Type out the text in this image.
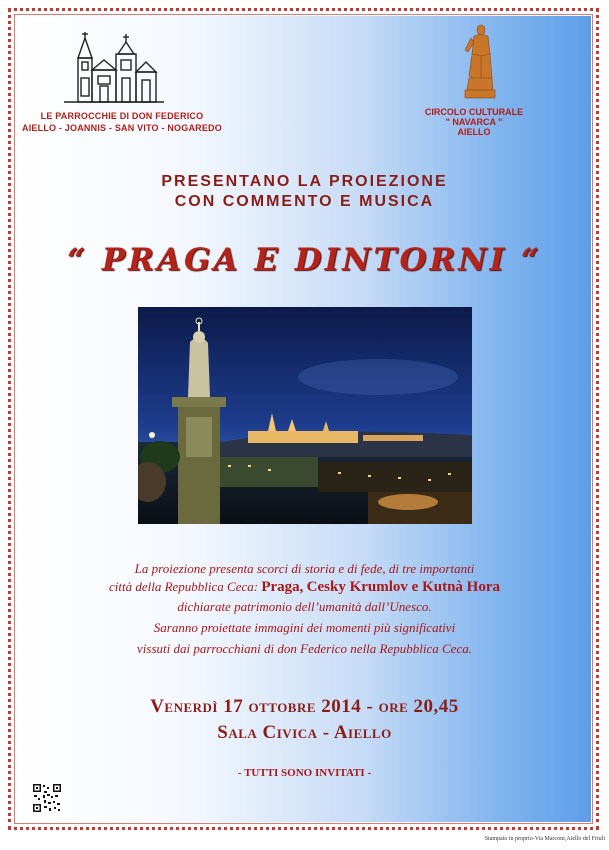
LE PARROCCHIE DI DON FEDERICO
AIELLO - JOANNIS - SAN VITO - NOGAREDO
CIRCOLO CULTURALE
" NAVARCA "
AIELLO
PRESENTANO LA PROIEZIONE
CON COMMENTO E MUSICA
“ PRAGA E DINTORNI “
La proiezione presenta scorci di storia e di fede, di tre importanti
città della Repubblica Ceca: Praga, Cesky Krumlov e Kutnà Hora
dichiarate patrimonio dell’umanità dall’Unesco.
Saranno proiettate immagini dei momenti più significativi
vissuti dai parrocchiani di don Federico nella Repubblica Ceca.
Venerdì 17 ottobre 2014 - ore 20,45
Sala Civica - Aiello
- TUTTI SONO INVITATI -
Stampato in proprio-Via Marconi,Aiello del Friuli
